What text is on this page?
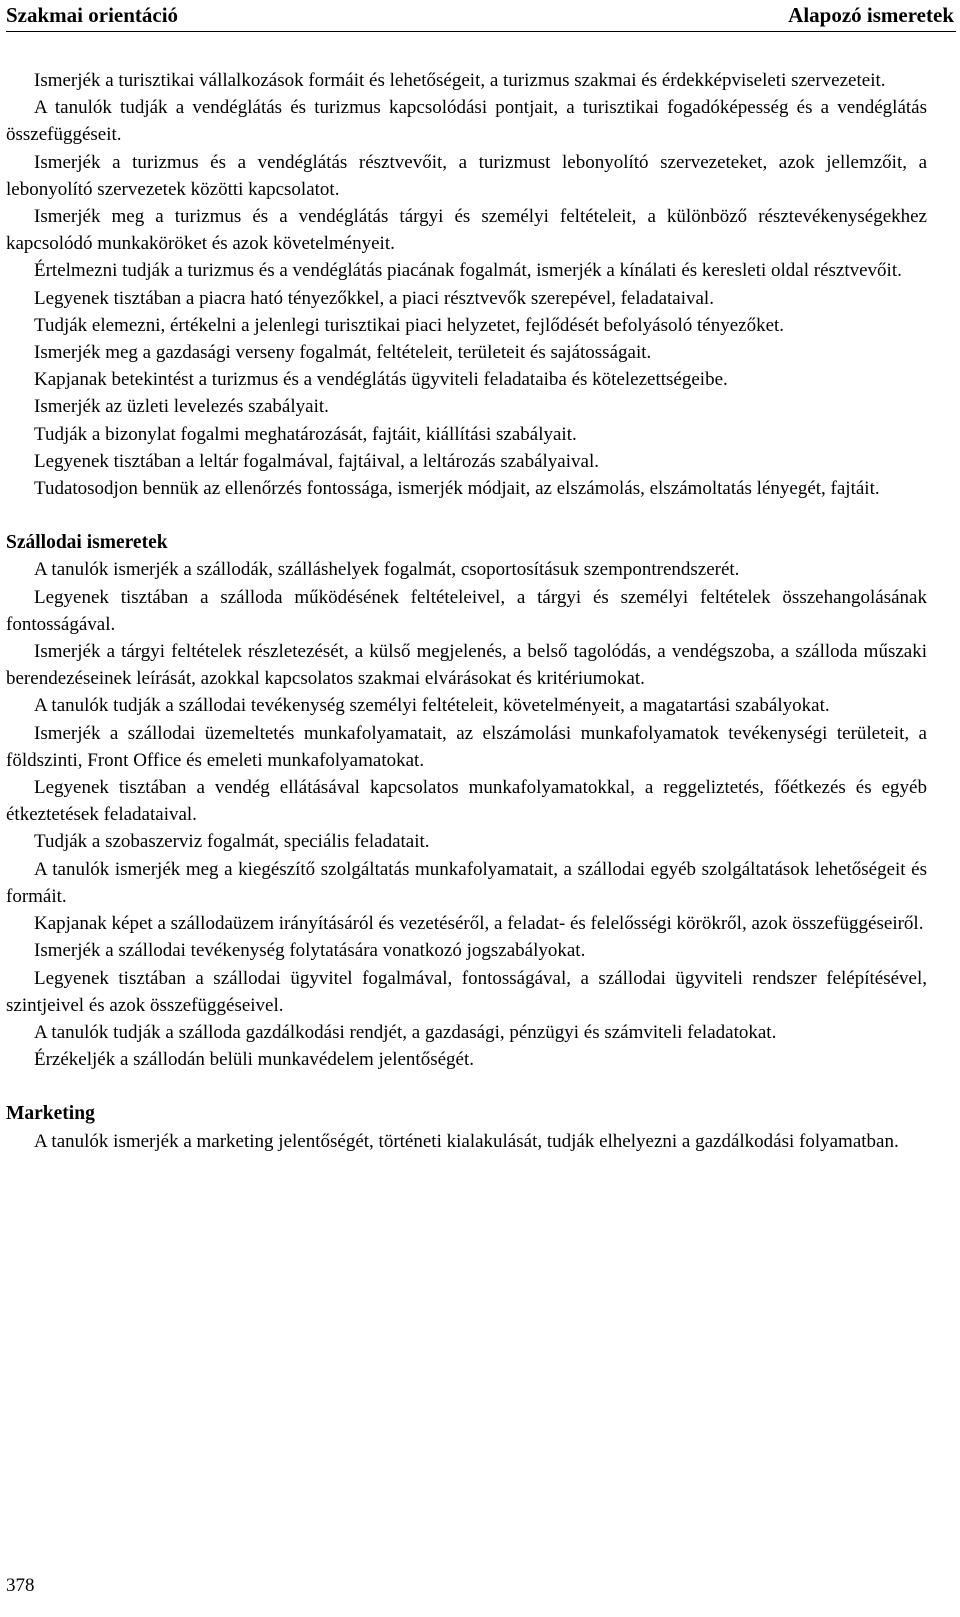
Szakmai orientáció	Alapozó ismeretek

Ismerjék a turisztikai vállalkozások formáit és lehetőségeit, a turizmus szakmai és érdekképviseleti szervezeteit.

A tanulók tudják a vendéglátás és turizmus kapcsolódási pontjait, a turisztikai fogadóképesség és a vendéglátás összefüggéseit.

Ismerjék a turizmus és a vendéglátás résztvevőit, a turizmust lebonyolító szervezeteket, azok jellemzőit, a lebonyolító szervezetek közötti kapcsolatot.

Ismerjék meg a turizmus és a vendéglátás tárgyi és személyi feltételeit, a különböző résztevékenységekhez kapcsolódó munkaköröket és azok követelményeit.

Értelmezni tudják a turizmus és a vendéglátás piacának fogalmát, ismerjék a kínálati és keresleti oldal résztvevőit.

Legyenek tisztában a piacra ható tényezőkkel, a piaci résztvevők szerepével, feladataival.

Tudják elemezni, értékelni a jelenlegi turisztikai piaci helyzetet, fejlődését befolyásoló tényezőket.

Ismerjék meg a gazdasági verseny fogalmát, feltételeit, területeit és sajátosságait.

Kapjanak betekintést a turizmus és a vendéglátás ügyviteli feladataiba és kötelezettségeibe.

Ismerjék az üzleti levelezés szabályait.

Tudják a bizonylat fogalmi meghatározását, fajtáit, kiállítási szabályait.

Legyenek tisztában a leltár fogalmával, fajtáival, a leltározás szabályaival.

Tudatosodjon bennük az ellenőrzés fontossága, ismerjék módjait, az elszámolás, elszámoltatás lényegét, fajtáit.

Szállodai ismeretek

A tanulók ismerjék a szállodák, szálláshelyek fogalmát, csoportosításuk szempontrendszerét.

Legyenek tisztában a szálloda működésének feltételeivel, a tárgyi és személyi feltételek összehangolásának fontosságával.

Ismerjék a tárgyi feltételek részletezését, a külső megjelenés, a belső tagolódás, a vendégszoba, a szálloda műszaki berendezéseinek leírását, azokkal kapcsolatos szakmai elvárásokat és kritériumokat.

A tanulók tudják a szállodai tevékenység személyi feltételeit, követelményeit, a magatartási szabályokat.

Ismerjék a szállodai üzemeltetés munkafolyamatait, az elszámolási munkafolyamatok tevékenységi területeit, a földszinti, Front Office és emeleti munkafolyamatokat.

Legyenek tisztában a vendég ellátásával kapcsolatos munkafolyamatokkal, a reggeliztetés, főétkezés és egyéb étkeztetések feladataival.

Tudják a szobaszerviz fogalmát, speciális feladatait.

A tanulók ismerjék meg a kiegészítő szolgáltatás munkafolyamatait, a szállodai egyéb szolgáltatások lehetőségeit és formáit.

Kapjanak képet a szállodaüzem irányításáról és vezetéséről, a feladat- és felelősségi körökről, azok összefüggéseiről.

Ismerjék a szállodai tevékenység folytatására vonatkozó jogszabályokat.

Legyenek tisztában a szállodai ügyvitel fogalmával, fontosságával, a szállodai ügyviteli rendszer felépítésével, szintjeivel és azok összefüggéseivel.

A tanulók tudják a szálloda gazdálkodási rendjét, a gazdasági, pénzügyi és számviteli feladatokat.

Érzékeljék a szállodán belüli munkavédelem jelentőségét.

Marketing

A tanulók ismerjék a marketing jelentőségét, történeti kialakulását, tudják elhelyezni a gazdálkodási folyamatban.

378
